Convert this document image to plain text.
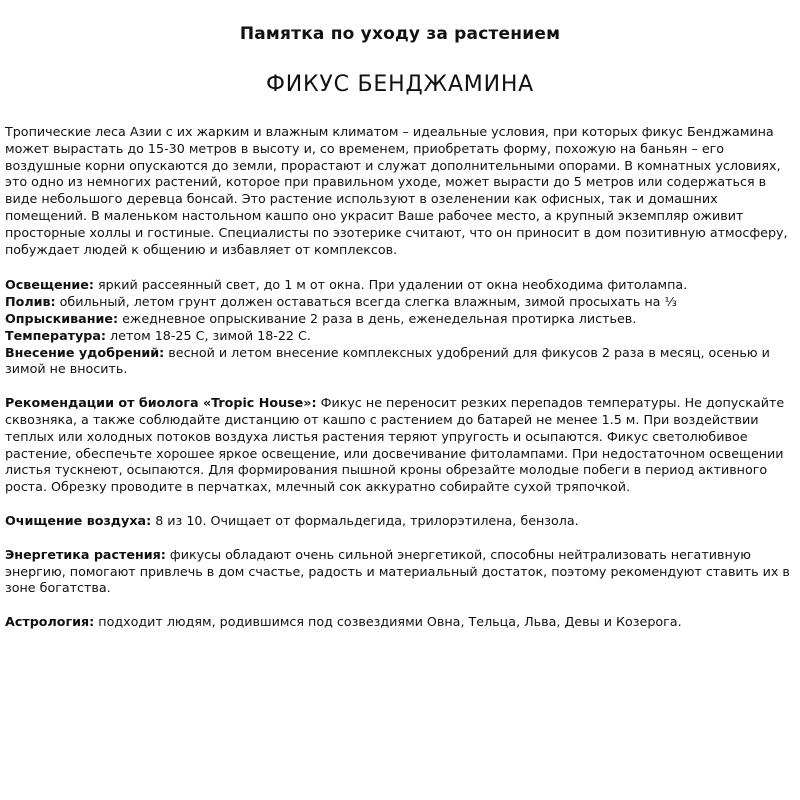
Памятка по уходу за растением
ФИКУС БЕНДЖАМИНА

Тропические леса Азии с их жарким и влажным климатом – идеальные условия, при которых фикус Бенджамина может вырастать до 15-30 метров в высоту и, со временем, приобретать форму, похожую на баньян – его воздушные корни опускаются до земли, прорастают и служат дополнительными опорами. В комнатных условиях, это одно из немногих растений, которое при правильном уходе, может вырасти до 5 метров или содержаться в виде небольшого деревца бонсай. Это растение используют в озеленении как офисных, так и домашних помещений. В маленьком настольном кашпо оно украсит Ваше рабочее место, а крупный экземпляр оживит просторные холлы и гостиные. Специалисты по эзотерике считают, что он приносит в дом позитивную атмосферу, побуждает людей к общению и избавляет от комплексов.

Освещение: яркий рассеянный свет, до 1 м от окна. При удалении от окна необходима фитолампа.

Полив: обильный, летом грунт должен оставаться всегда слегка влажным, зимой просыхать на ⅓

Опрыскивание: ежедневное опрыскивание 2 раза в день, еженедельная протирка листьев.

Температура: летом 18-25 С, зимой 18-22 С.

Внесение удобрений: весной и летом внесение комплексных удобрений для фикусов 2 раза в месяц, осенью и зимой не вносить.

Рекомендации от биолога «Tropic House»: Фикус не переносит резких перепадов температуры. Не допускайте сквозняка, а также соблюдайте дистанцию от кашпо с растением до батарей не менее 1.5 м. При воздействии теплых или холодных потоков воздуха листья растения теряют упругость и осыпаются. Фикус светолюбивое растение, обеспечьте хорошее яркое освещение, или досвечивание фитолампами. При недостаточном освещении листья тускнеют, осыпаются. Для формирования пышной кроны обрезайте молодые побеги в период активного роста. Обрезку проводите в перчатках, млечный сок аккуратно собирайте сухой тряпочкой.

Очищение воздуха: 8 из 10. Очищает от формальдегида, трилорэтилена, бензола.

Энергетика растения: фикусы обладают очень сильной энергетикой, способны нейтрализовать негативную энергию, помогают привлечь в дом счастье, радость и материальный достаток, поэтому рекомендуют ставить их в зоне богатства.

Астрология: подходит людям, родившимся под созвездиями Овна, Тельца, Льва, Девы и Козерога.
